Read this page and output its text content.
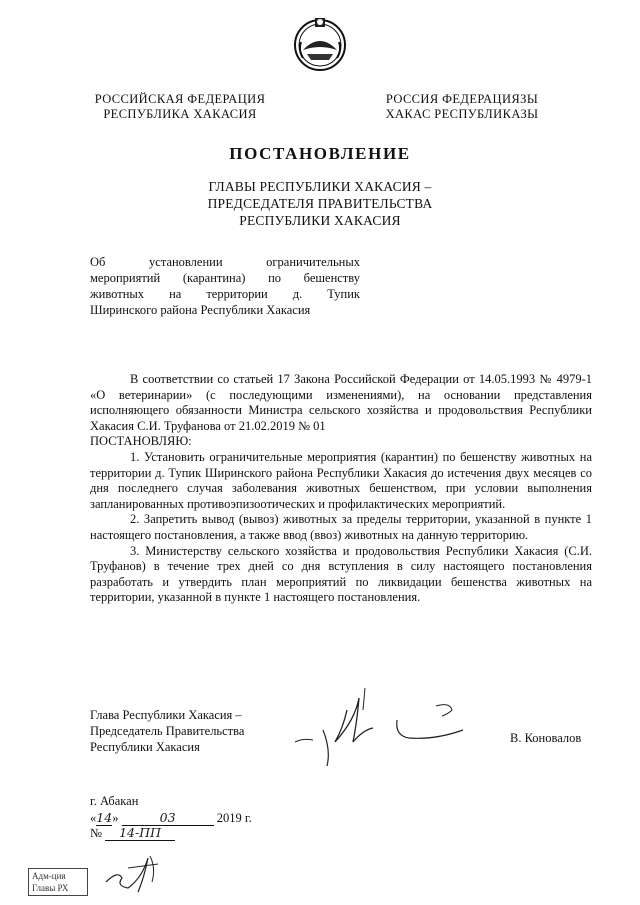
РОССИЙСКАЯ ФЕДЕРАЦИЯ
РЕСПУБЛИКА ХАКАСИЯ
РОССИЯ ФЕДЕРАЦИЯЗЫ
ХАКАС РЕСПУБЛИКАЗЫ
ПОСТАНОВЛЕНИЕ
ГЛАВЫ РЕСПУБЛИКИ ХАКАСИЯ –
ПРЕДСЕДАТЕЛЯ ПРАВИТЕЛЬСТВА
РЕСПУБЛИКИ ХАКАСИЯ
Об установлении ограничительных
мероприятий (карантина) по бешенству
животных на территории д. Тупик
Ширинского района Республики Хакасия

В соответствии со статьей 17 Закона Российской Федерации от 14.05.1993 № 4979-1 «О ветеринарии» (с последующими изменениями), на основании представления исполняющего обязанности Министра сельского хозяйства и продовольствия Республики Хакасия С.И. Труфанова от 21.02.2019 № 01

ПОСТАНОВЛЯЮ:

1. Установить ограничительные мероприятия (карантин) по бешенству животных на территории д. Тупик Ширинского района Республики Хакасия до истечения двух месяцев со дня последнего случая заболевания животных бешенством, при условии выполнения запланированных противоэпизоотических и профилактических мероприятий.

2. Запретить вывод (вывоз) животных за пределы территории, указанной в пункте 1 настоящего постановления, а также ввод (ввоз) животных на данную территорию.

3. Министерству сельского хозяйства и продовольствия Республики Хакасия (С.И. Труфанов) в течение трех дней со дня вступления в силу настоящего постановления разработать и утвердить план мероприятий по ликвидации бешенства животных на территории, указанной в пункте 1 настоящего постановления.

Глава Республики Хакасия –
Председатель Правительства
Республики Хакасия
В. Коновалов
г. Абакан
«14»	03	2019 г.
№ 14-ПП
Адм-ция
Главы РХ
